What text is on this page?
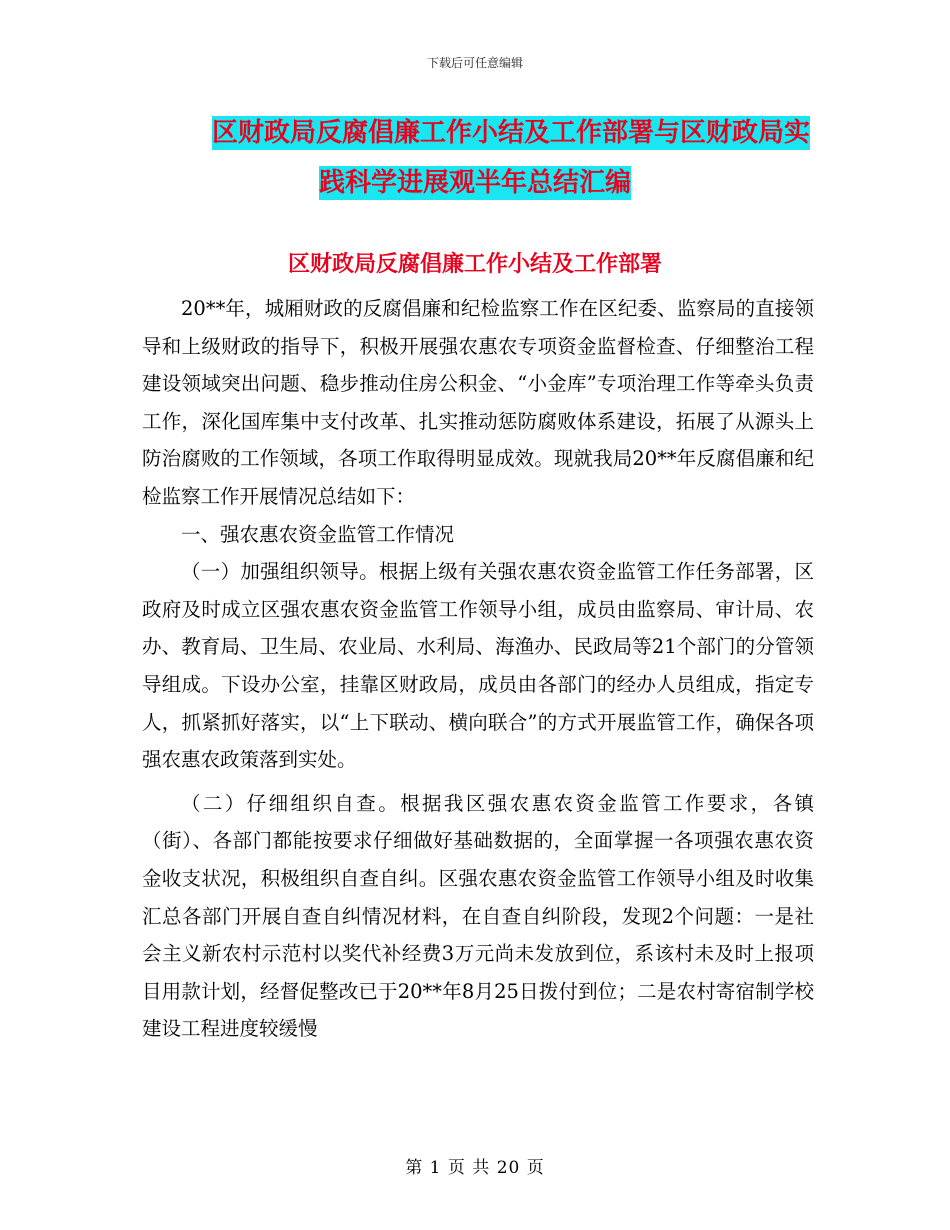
下载后可任意编辑
区财政局反腐倡廉工作小结及工作部署与区财政局实
践科学进展观半年总结汇编
区财政局反腐倡廉工作小结及工作部署

20**年，城厢财政的反腐倡廉和纪检监察工作在区纪委、监察局的直接领导和上级财政的指导下，积极开展强农惠农专项资金监督检查、仔细整治工程建设领域突出问题、稳步推动住房公积金、“小金库”专项治理工作等牵头负责工作，深化国库集中支付改革、扎实推动惩防腐败体系建设，拓展了从源头上防治腐败的工作领域，各项工作取得明显成效。现就我局20**年反腐倡廉和纪检监察工作开展情况总结如下：

一、强农惠农资金监管工作情况

（一）加强组织领导。根据上级有关强农惠农资金监管工作任务部署，区政府及时成立区强农惠农资金监管工作领导小组，成员由监察局、审计局、农办、教育局、卫生局、农业局、水利局、海渔办、民政局等21个部门的分管领导组成。下设办公室，挂靠区财政局，成员由各部门的经办人员组成，指定专人，抓紧抓好落实，以“上下联动、横向联合”的方式开展监管工作，确保各项强农惠农政策落到实处。

（二）仔细组织自查。根据我区强农惠农资金监管工作要求，各镇（街）、各部门都能按要求仔细做好基础数据的，全面掌握一各项强农惠农资金收支状况，积极组织自查自纠。区强农惠农资金监管工作领导小组及时收集汇总各部门开展自查自纠情况材料，在自查自纠阶段，发现2个问题：一是社会主义新农村示范村以奖代补经费3万元尚未发放到位，系该村未及时上报项目用款计划，经督促整改已于20**年8月25日拨付到位；二是农村寄宿制学校建设工程进度较缓慢

第 1 页 共 20 页
